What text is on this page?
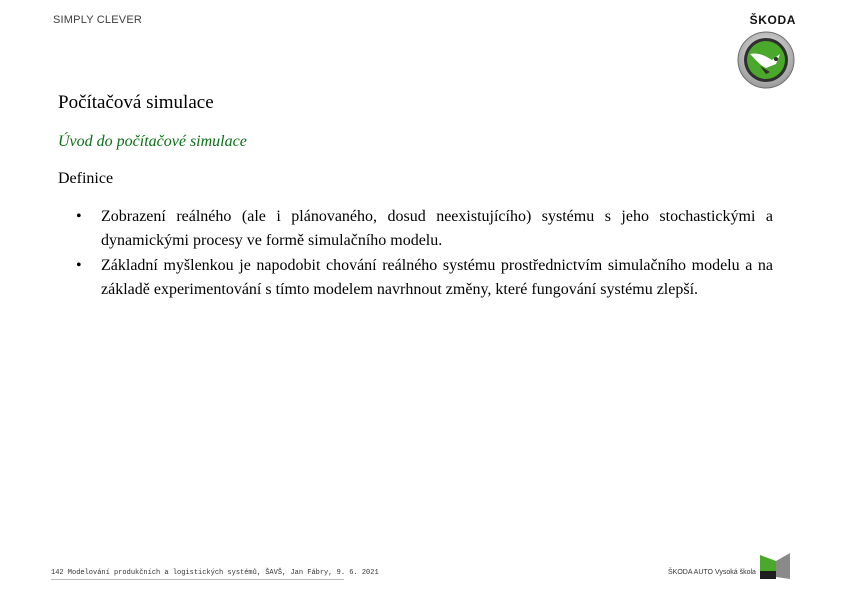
SIMPLY CLEVER	ŠKODA
Počítačová simulace
Úvod do počítačové simulace
Definice
• Zobrazení reálného (ale i plánovaného, dosud neexistujícího) systému s jeho stochastickými a dynamickými procesy ve formě simulačního modelu.
• Základní myšlenkou je napodobit chování reálného systému prostřednictvím simulačního modelu a na základě experimentování s tímto modelem navrhnout změny, které fungování systému zlepší.
142 Modelování produkčních a logistických systémů, ŠAVŠ, Jan Fábry, 9. 6. 2021	ŠKODA AUTO Vysoká škola
